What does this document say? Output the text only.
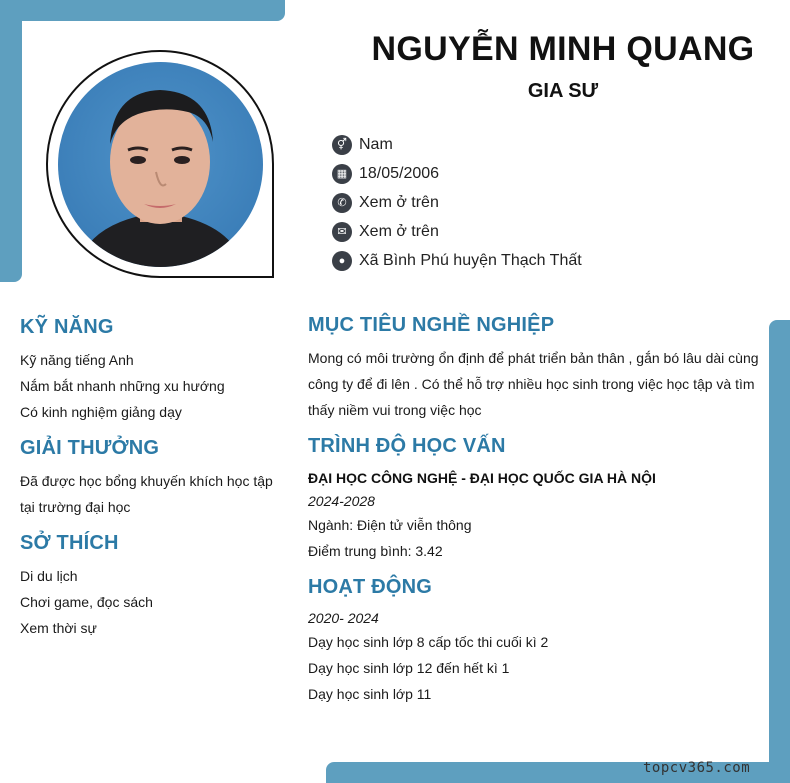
NGUYỄN MINH QUANG
GIA SƯ
⚥ Nam
▦ 18/05/2006
✆ Xem ở trên
✉ Xem ở trên
● Xã Bình Phú huyện Thạch Thất
KỸ NĂNG
Kỹ năng tiếng Anh
Nắm bắt nhanh những xu hướng
Có kinh nghiệm giảng dạy
GIẢI THƯỞNG
Đã được học bổng khuyến khích học tập tại trường đại học
SỞ THÍCH
Di du lịch
Chơi game, đọc sách
Xem thời sự
MỤC TIÊU NGHỀ NGHIỆP
Mong có môi trường ổn định để phát triển bản thân , gắn bó lâu dài cùng công ty để đi lên . Có thể hỗ trợ nhiều học sinh trong việc học tập và tìm thấy niềm vui trong việc học
TRÌNH ĐỘ HỌC VẤN
ĐẠI HỌC CÔNG NGHỆ - ĐẠI HỌC QUỐC GIA HÀ NỘI
2024-2028
Ngành: Điện tử viễn thông
Điểm trung bình: 3.42
HOẠT ĐỘNG
2020- 2024
Dạy học sinh lớp 8 cấp tốc thi cuối kì 2
Dạy học sinh lớp 12 đến hết kì 1
Dạy học sinh lớp 11
topcv365.com
